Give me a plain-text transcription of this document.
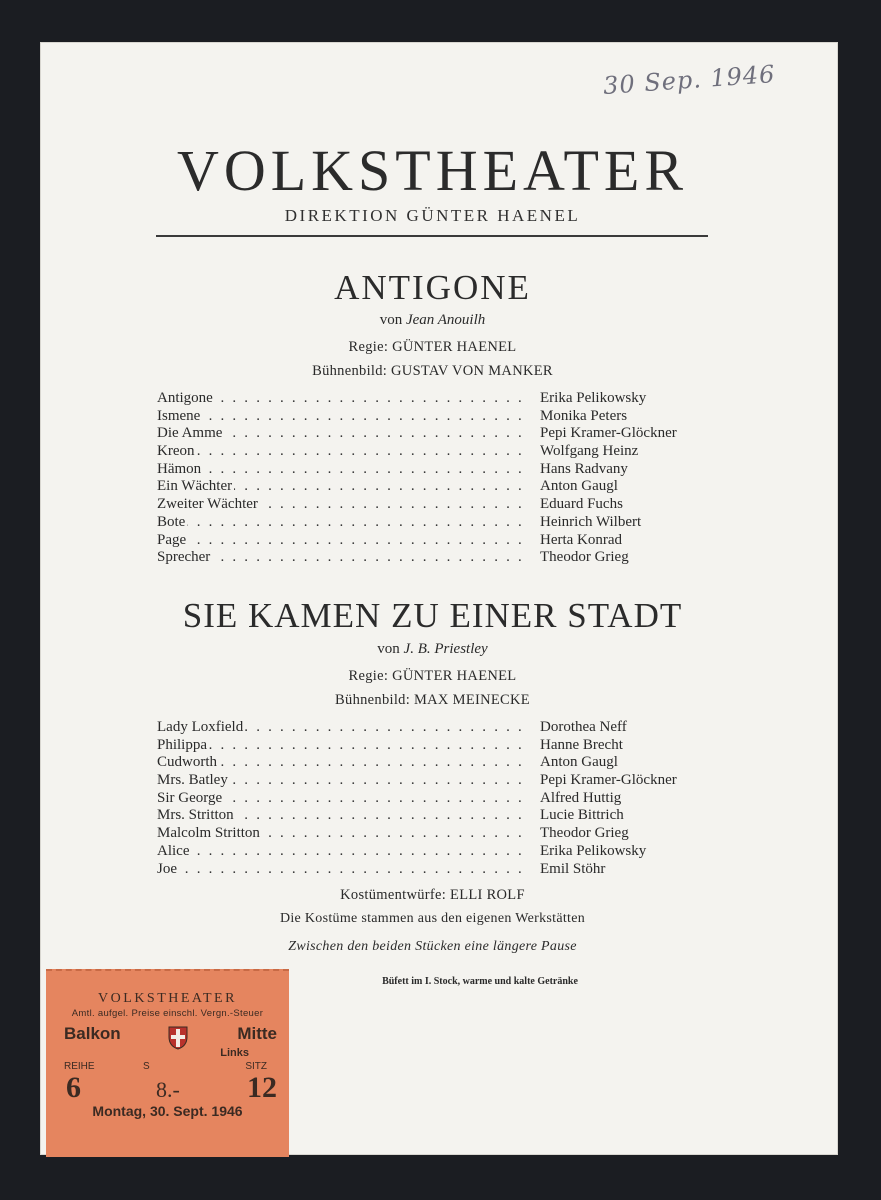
30 Sep. 1946
VOLKSTHEATER
DIREKTION GÜNTER HAENEL
ANTIGONE
von Jean Anouilh
Regie: GÜNTER HAENEL
Bühnenbild: GUSTAV VON MANKER
Antigone . . .	Erika Pelikowsky
Ismene . . .	Monika Peters
Die Amme . . .	Pepi Kramer-Glöckner
Kreon . . .	Wolfgang Heinz
Hämon . . .	Hans Radvany
Ein Wächter . . .	Anton Gaugl
Zweiter Wächter . . .	Eduard Fuchs
Bote . . .	Heinrich Wilbert
Page . . .	Herta Konrad
Sprecher . . .	Theodor Grieg
SIE KAMEN ZU EINER STADT
von J. B. Priestley
Regie: GÜNTER HAENEL
Bühnenbild: MAX MEINECKE
Lady Loxfield . . .	Dorothea Neff
Philippa . . .	Hanne Brecht
Cudworth . . .	Anton Gaugl
Mrs. Batley . . .	Pepi Kramer-Glöckner
Sir George . . .	Alfred Huttig
Mrs. Stritton . . .	Lucie Bittrich
Malcolm Stritton . . .	Theodor Grieg
Alice . . .	Erika Pelikowsky
Joe . . .	Emil Stöhr
Kostümentwürfe: ELLI ROLF
Die Kostüme stammen aus den eigenen Werkstätten
Zwischen den beiden Stücken eine längere Pause
Büfett im I. Stock, warme und kalte Getränke
VOLKSTHEATER
Amtl. aufgel. Preise einschl. Vergn.-Steuer
Balkon	Mitte
Links
REIHE	S	SITZ
6	8.- 12
Montag, 30. Sept. 1946
